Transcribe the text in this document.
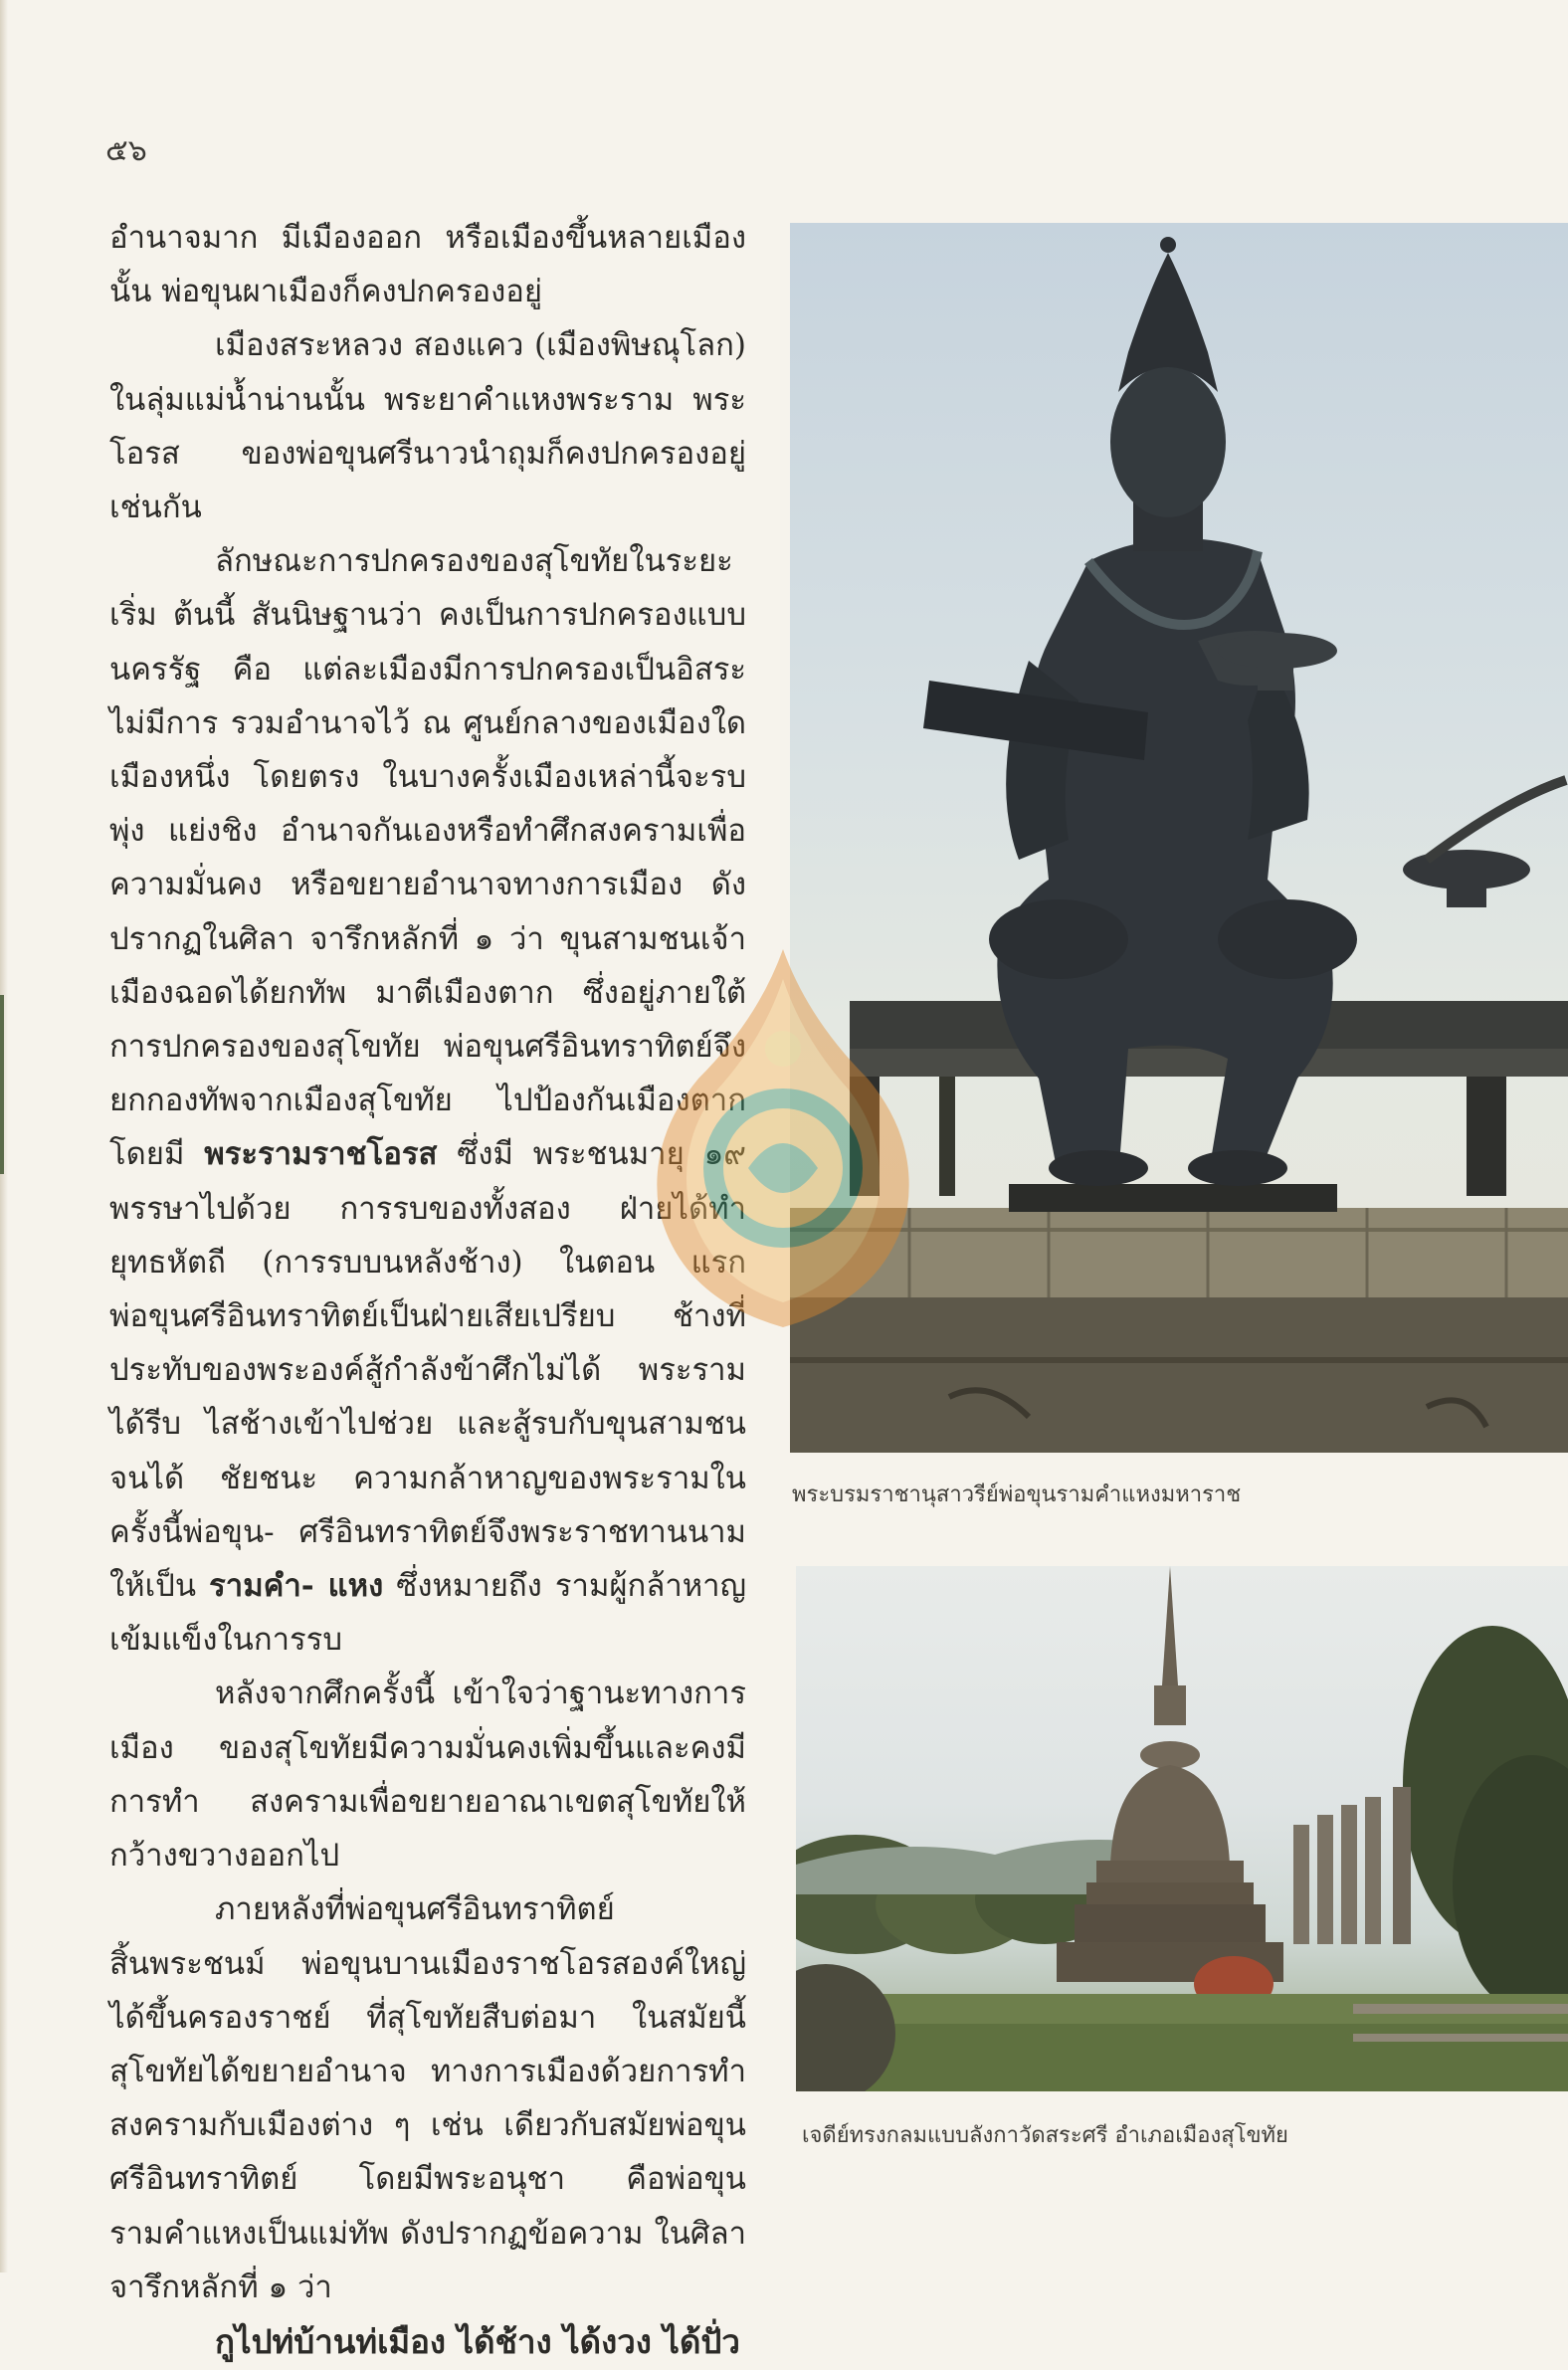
๕๖

อำนาจมาก มีเมืองออก หรือเมืองขึ้นหลายเมือง นั้น พ่อขุนผาเมืองก็คงปกครองอยู่

เมืองสระหลวง สองแคว (เมืองพิษณุโลก) ในลุ่มแม่น้ำน่านนั้น พระยาคำแหงพระราม พระโอรส ของพ่อขุนศรีนาวนำถุมก็คงปกครองอยู่เช่นกัน

ลักษณะการปกครองของสุโขทัยในระยะเริ่ม ต้นนี้ สันนิษฐานว่า คงเป็นการปกครองแบบนครรัฐ คือ แต่ละเมืองมีการปกครองเป็นอิสระ ไม่มีการ รวมอำนาจไว้ ณ ศูนย์กลางของเมืองใดเมืองหนึ่ง โดยตรง ในบางครั้งเมืองเหล่านี้จะรบพุ่ง แย่งชิง อำนาจกันเองหรือทำศึกสงครามเพื่อความมั่นคง หรือขยายอำนาจทางการเมือง ดังปรากฏในศิลา จารึกหลักที่ ๑ ว่า ขุนสามชนเจ้าเมืองฉอดได้ยกทัพ มาตีเมืองตาก ซึ่งอยู่ภายใต้การปกครองของสุโขทัย พ่อขุนศรีอินทราทิตย์จึงยกกองทัพจากเมืองสุโขทัย ไปป้องกันเมืองตาก โดยมี พระรามราชโอรส ซึ่งมี พระชนมายุ ๑๙ พรรษาไปด้วย การรบของทั้งสอง ฝ่ายได้ทำยุทธหัตถี (การรบบนหลังช้าง) ในตอน แรกพ่อขุนศรีอินทราทิตย์เป็นฝ่ายเสียเปรียบ ช้างที่ ประทับของพระองค์สู้กำลังข้าศึกไม่ได้ พระรามได้รีบ ไสช้างเข้าไปช่วย และสู้รบกับขุนสามชนจนได้ ชัยชนะ ความกล้าหาญของพระรามในครั้งนี้พ่อขุน- ศรีอินทราทิตย์จึงพระราชทานนามให้เป็น รามคำ- แหง ซึ่งหมายถึง รามผู้กล้าหาญ เข้มแข็งในการรบ

หลังจากศึกครั้งนี้ เข้าใจว่าฐานะทางการเมือง ของสุโขทัยมีความมั่นคงเพิ่มขึ้นและคงมีการทำ สงครามเพื่อขยายอาณาเขตสุโขทัยให้กว้างขวางออกไป

ภายหลังที่พ่อขุนศรีอินทราทิตย์สิ้นพระชนม์ พ่อขุนบานเมืองราชโอรสองค์ใหญ่ ได้ขึ้นครองราชย์ ที่สุโขทัยสืบต่อมา ในสมัยนี้สุโขทัยได้ขยายอำนาจ ทางการเมืองด้วยการทำสงครามกับเมืองต่าง ๆ เช่น เดียวกับสมัยพ่อขุนศรีอินทราทิตย์ โดยมีพระอนุชา คือพ่อขุนรามคำแหงเป็นแม่ทัพ ดังปรากฏข้อความ ในศิลาจารึกหลักที่ ๑ ว่า

กูไปท่บ้านท่เมือง ได้ช้าง ได้งวง ได้ปั่ว

พระบรมราชานุสาวรีย์พ่อขุนรามคำแหงมหาราช
เจดีย์ทรงกลมแบบลังกาวัดสระศรี อำเภอเมืองสุโขทัย
